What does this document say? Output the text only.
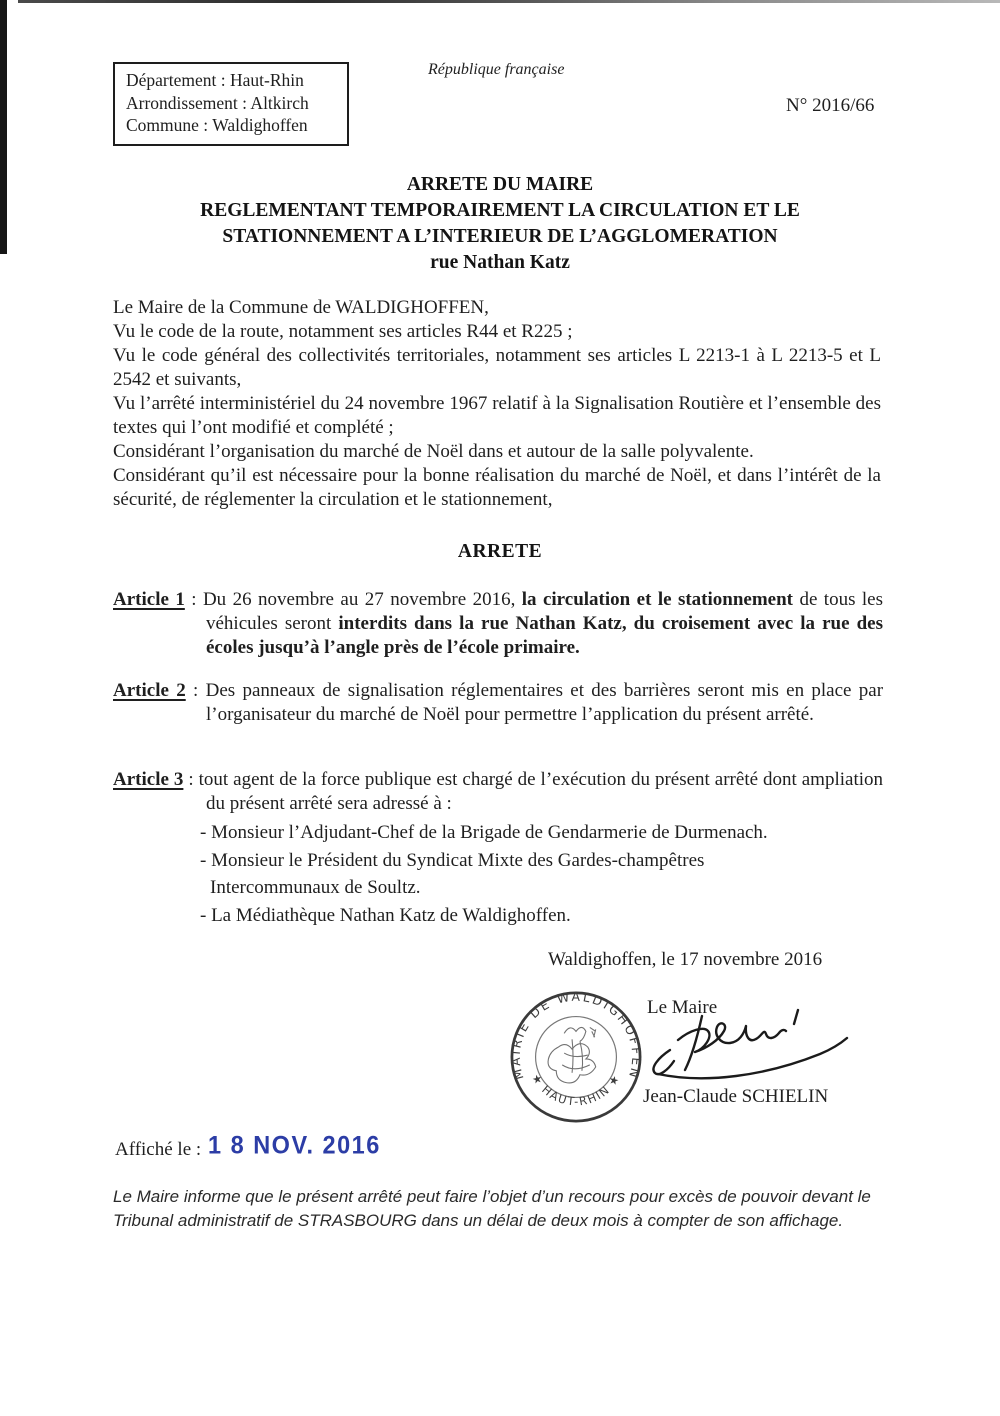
Département : Haut-Rhin
Arrondissement : Altkirch
Commune : Waldighoffen
République française
N° 2016/66
ARRETE DU MAIRE
REGLEMENTANT TEMPORAIREMENT LA CIRCULATION ET LE
STATIONNEMENT A L’INTERIEUR DE L’AGGLOMERATION
rue Nathan Katz

Le Maire de la Commune de WALDIGHOFFEN,

Vu le code de la route, notamment ses articles R44 et R225 ;

Vu le code général des collectivités territoriales, notamment ses articles L 2213-1 à L 2213-5 et L 2542 et suivants,

Vu l’arrêté interministériel du 24 novembre 1967 relatif à la Signalisation Routière et l’ensemble des textes qui l’ont modifié et complété ;

Considérant l’organisation du marché de Noël dans et autour de la salle polyvalente.

Considérant qu’il est nécessaire pour la bonne réalisation du marché de Noël, et dans l’intérêt de la sécurité, de réglementer la circulation et le stationnement,

ARRETE

Article 1 : Du 26 novembre au 27 novembre 2016, la circulation et le stationnement de tous les véhicules seront interdits dans la rue Nathan Katz, du croisement avec la rue des écoles jusqu’à l’angle près de l’école primaire.

Article 2 : Des panneaux de signalisation réglementaires et des barrières seront mis en place par l’organisateur du marché de Noël pour permettre l’application du présent arrêté.

Article 3 : tout agent de la force publique est chargé de l’exécution du présent arrêté dont ampliation du présent arrêté sera adressé à :

- Monsieur l’Adjudant-Chef de la Brigade de Gendarmerie de Durmenach.

- Monsieur le Président du Syndicat Mixte des Gardes-champêtres

Intercommunaux de Soultz.

- La Médiathèque Nathan Katz de Waldighoffen.

Waldighoffen, le 17 novembre 2016
Le Maire
Jean-Claude SCHIELIN
MAIRIE DE WALDIGHOFFEN
★ HAUT-RHIN ★
Affiché le : 1 8 NOV. 2016
Le Maire informe que le présent arrêté peut faire l’objet d’un recours pour excès de pouvoir devant le
Tribunal administratif de STRASBOURG dans un délai de deux mois à compter de son affichage.
